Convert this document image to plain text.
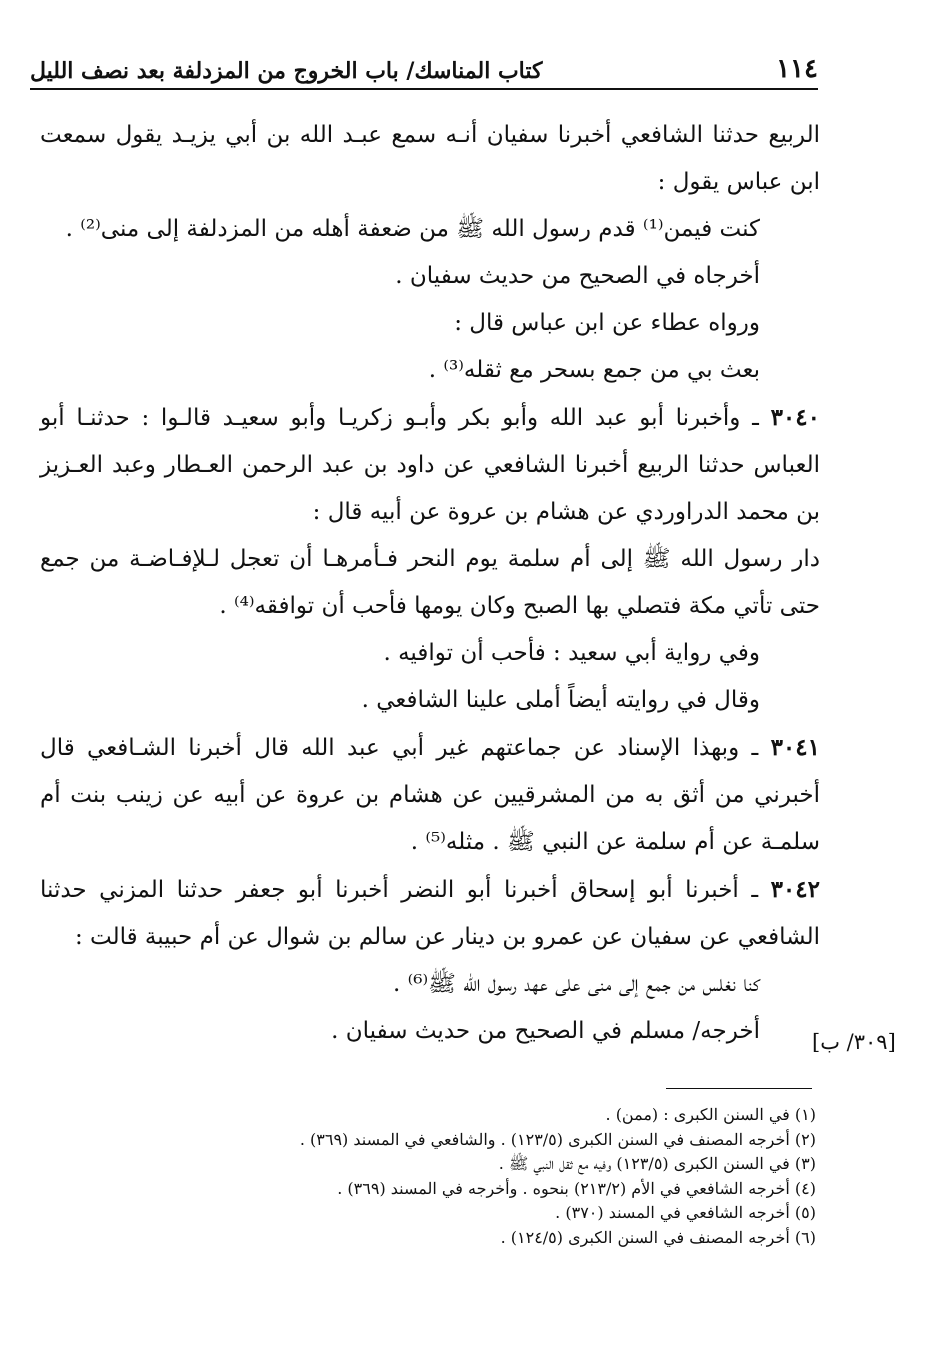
١١٤
كتاب المناسك/ باب الخروج من المزدلفة بعد نصف الليل

الربيع حدثنا الشافعي أخبرنا سفيان أنـه سمع عبـد الله بن أبي يزيـد يقول سمعت ابن عباس يقول :

كنت فيمن⁽¹⁾ قدم رسول الله ﷺ من ضعفة أهله من المزدلفة إلى منى⁽²⁾ .

أخرجاه في الصحيح من حديث سفيان .

ورواه عطاء عن ابن عباس قال :

بعث بي من جمع بسحر مع ثقله⁽³⁾ .

٣٠٤٠ ـ وأخبرنا أبو عبد الله وأبو بكر وأبـو زكريـا وأبو سعيـد قالـوا : حدثنـا أبو العباس حدثنا الربيع أخبرنا الشافعي عن داود بن عبد الرحمن العـطار وعبد العـزيز بن محمد الدراوردي عن هشام بن عروة عن أبيه قال :

دار رسول الله ﷺ إلى أم سلمة يوم النحر فـأمرهـا أن تعجل لـلإفـاضـة من جمع حتى تأتي مكة فتصلي بها الصبح وكان يومها فأحب أن توافقه⁽⁴⁾ .

وفي رواية أبي سعيد : فأحب أن توافيه .

وقال في روايته أيضاً أملى علينا الشافعي .

٣٠٤١ ـ وبهذا الإسناد عن جماعتهم غير أبي عبد الله قال أخبرنا الشـافعي قال أخبرني من أثق به من المشرقيين عن هشام بن عروة عن أبيه عن زينب بنت أم سلمـة عن أم سلمة عن النبي ﷺ . مثله⁽⁵⁾ .

٣٠٤٢ ـ أخبرنا أبو إسحاق أخبرنا أبو النضر أخبرنا أبو جعفر حدثنا المزني حدثنا الشافعي عن سفيان عن عمرو بن دينار عن سالم بن شوال عن أم حبيبة قالت :

كنا نغلس من جمع إلى منى على عهد رسول الله ﷺ⁽⁶⁾ .

أخرجه/ مسلم في الصحيح من حديث سفيان .	[٣٠٩/ ب]

(١) في السنن الكبرى : (ممن) .

(٢) أخرجه المصنف في السنن الكبرى (١٢٣/٥) . والشافعي في المسند (٣٦٩) .

(٣) في السنن الكبرى (١٢٣/٥) وفيه مع ثقل النبي ﷺ .

(٤) أخرجه الشافعي في الأم (٢١٣/٢) بنحوه . وأخرجه في المسند (٣٦٩) .

(٥) أخرجه الشافعي في المسند (٣٧٠) .

(٦) أخرجه المصنف في السنن الكبرى (١٢٤/٥) .
